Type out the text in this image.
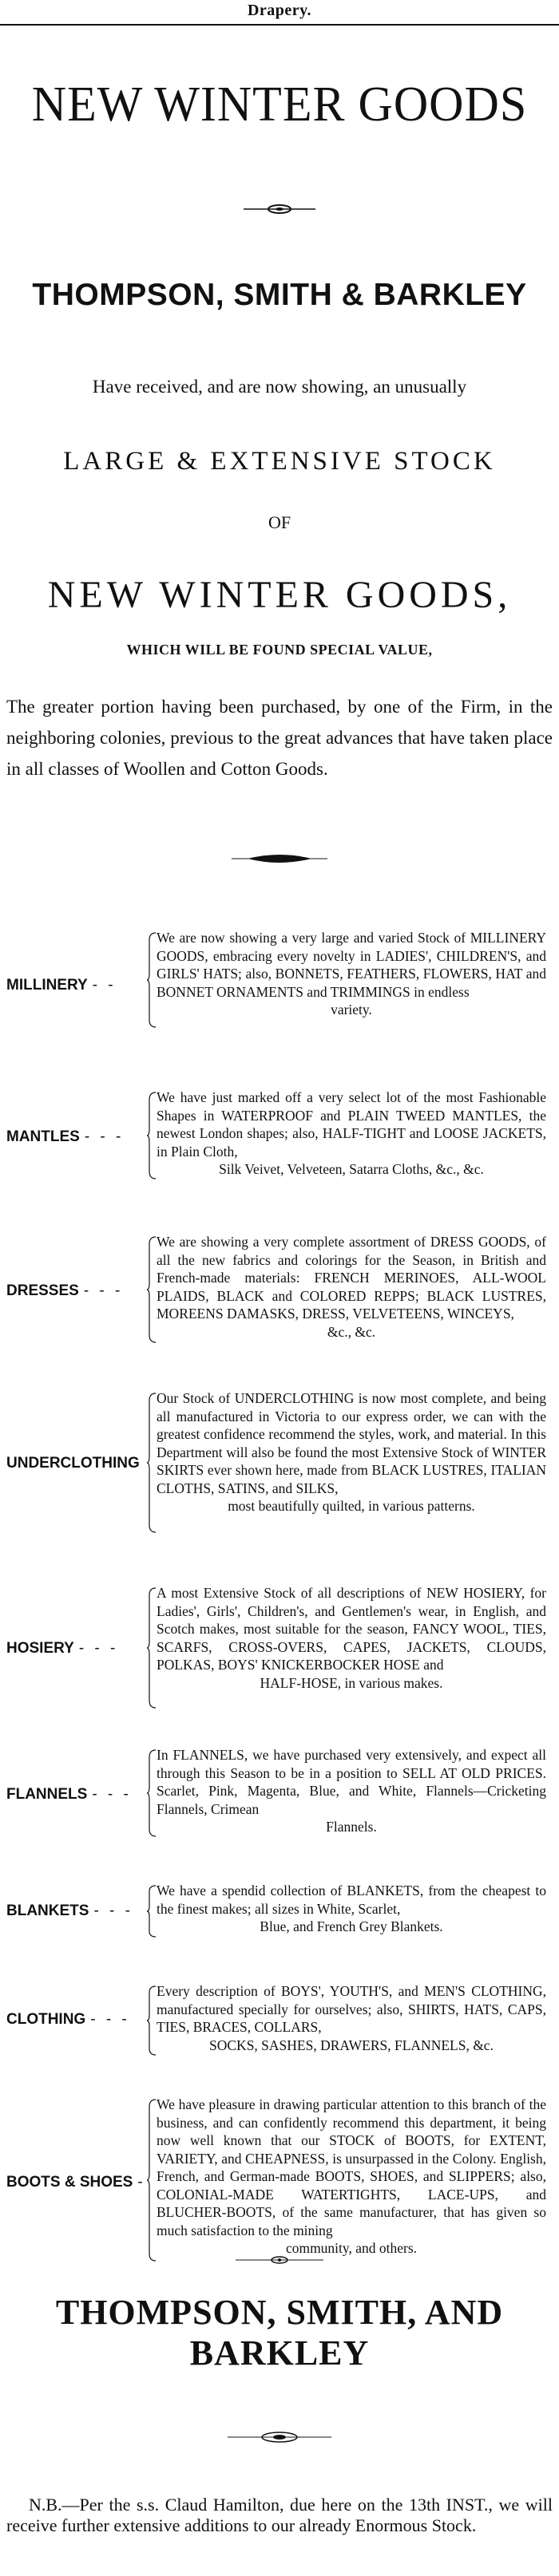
Drapery.
NEW WINTER GOODS
THOMPSON, SMITH & BARKLEY
Have received, and are now showing, an unusually
LARGE & EXTENSIVE STOCK
OF
NEW WINTER GOODS,
WHICH WILL BE FOUND SPECIAL VALUE,
The greater portion having been purchased, by one of the Firm, in the neighboring colonies, previous to the great advances that have taken place in all classes of Woollen and Cotton Goods.
MILLINERY - -
We are now showing a very large and varied Stock of MILLINERY GOODS, embracing every novelty in LADIES', CHILDREN'S, and GIRLS' HATS; also, BONNETS, FEATHERS, FLOWERS, HAT and BONNET ORNAMENTS and TRIMMINGS in endless
variety.
MANTLES - - -
We have just marked off a very select lot of the most Fashionable Shapes in WATERPROOF and PLAIN TWEED MANTLES, the newest London shapes; also, HALF-TIGHT and LOOSE JACKETS, in Plain Cloth,
Silk Veivet, Velveteen, Satarra Cloths, &c., &c.
DRESSES - - -
We are showing a very complete assortment of DRESS GOODS, of all the new fabrics and colorings for the Season, in British and French-made materials: FRENCH MERINOES, ALL-WOOL PLAIDS, BLACK and COLORED REPPS; BLACK LUSTRES, MOREENS DAMASKS, DRESS, VELVETEENS, WINCEYS,
&c., &c.
UNDERCLOTHING
Our Stock of UNDERCLOTHING is now most complete, and being all manufactured in Victoria to our express order, we can with the greatest confidence recommend the styles, work, and material. In this Department will also be found the most Extensive Stock of WINTER SKIRTS ever shown here, made from BLACK LUSTRES, ITALIAN CLOTHS, SATINS, and SILKS,
most beautifully quilted, in various patterns.
HOSIERY - - -
A most Extensive Stock of all descriptions of NEW HOSIERY, for Ladies', Girls', Children's, and Gentlemen's wear, in English, and Scotch makes, most suitable for the season, FANCY WOOL, TIES, SCARFS, CROSS-OVERS, CAPES, JACKETS, CLOUDS, POLKAS, BOYS' KNICKERBOCKER HOSE and
HALF-HOSE, in various makes.
FLANNELS - - -
In FLANNELS, we have purchased very extensively, and expect all through this Season to be in a position to SELL AT OLD PRICES. Scarlet, Pink, Magenta, Blue, and White, Flannels—Cricketing Flannels, Crimean
Flannels.
BLANKETS - - -
We have a spendid collection of BLANKETS, from the cheapest to the finest makes; all sizes in White, Scarlet,
Blue, and French Grey Blankets.
CLOTHING - - -
Every description of BOYS', YOUTH'S, and MEN'S CLOTHING, manufactured specially for ourselves; also, SHIRTS, HATS, CAPS, TIES, BRACES, COLLARS,
SOCKS, SASHES, DRAWERS, FLANNELS, &c.
BOOTS & SHOES -
We have pleasure in drawing particular attention to this branch of the business, and can confidently recommend this department, it being now well known that our STOCK of BOOTS, for EXTENT, VARIETY, and CHEAPNESS, is unsurpassed in the Colony. English, French, and German-made BOOTS, SHOES, and SLIPPERS; also, COLONIAL-MADE WATERTIGHTS, LACE-UPS, and BLUCHER-BOOTS, of the same manufacturer, that has given so much satisfaction to the mining
community, and others.
THOMPSON, SMITH, AND BARKLEY
N.B.—Per the s.s. Claud Hamilton, due here on the 13th INST., we will receive further extensive additions to our already Enormous Stock.
